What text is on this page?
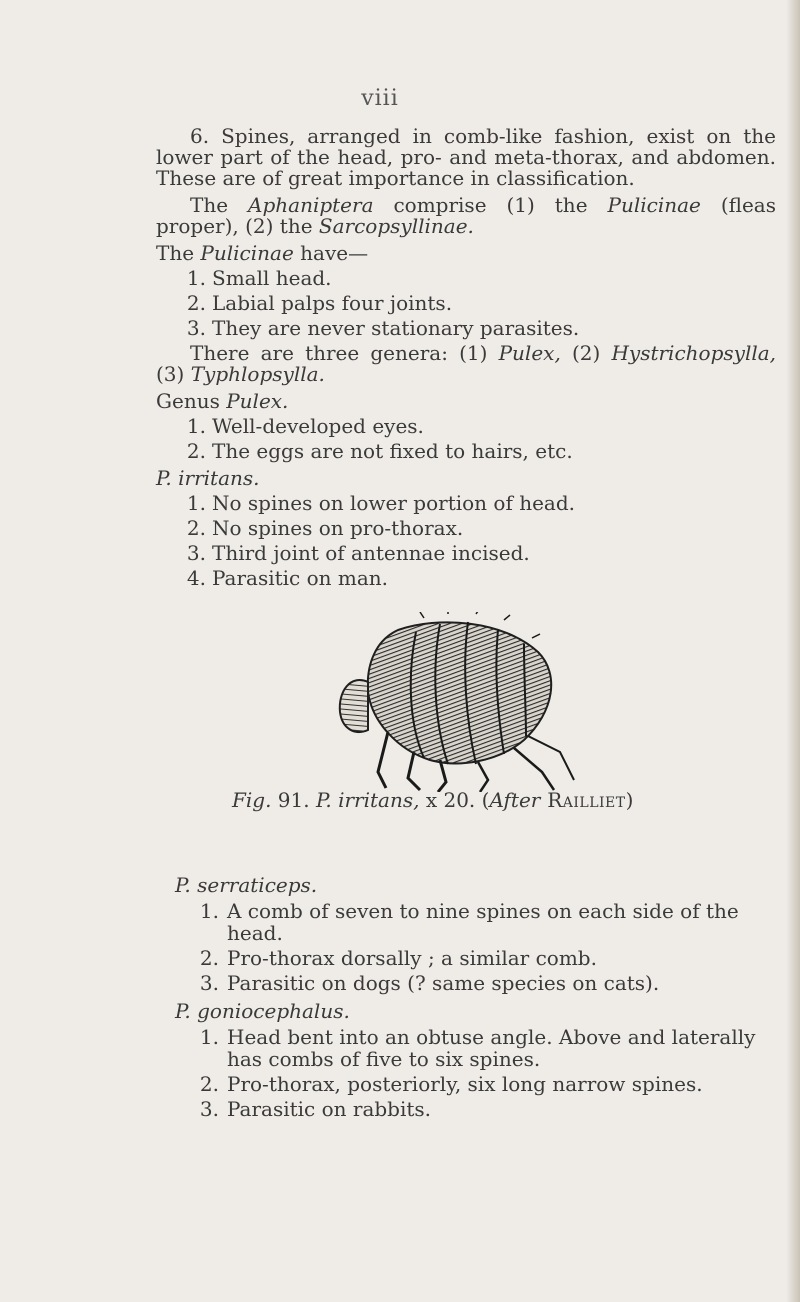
viii

6. Spines, arranged in comb-like fashion, exist on the lower part of the head, pro- and meta-thorax, and abdomen. These are of great importance in classification.

The Aphaniptera comprise (1) the Pulicinae (fleas proper), (2) the Sarcopsyllinae.

The Pulicinae have—

1. Small head.
2. Labial palps four joints.
3. They are never stationary parasites.

There are three genera: (1) Pulex, (2) Hystrichopsylla, (3) Typhlopsylla.

Genus Pulex.

1. Well-developed eyes.
2. The eggs are not fixed to hairs, etc.

P. irritans.

1. No spines on lower portion of head.
2. No spines on pro-thorax.
3. Third joint of antennae incised.
4. Parasitic on man.
Fig. 91. P. irritans, x 20. (After Railliet)

P. serraticeps.

1. A comb of seven to nine spines on each side of the head.
2. Pro-thorax dorsally ; a similar comb.
3. Parasitic on dogs (? same species on cats).

P. goniocephalus.

1. Head bent into an obtuse angle. Above and laterally has combs of five to six spines.
2. Pro-thorax, posteriorly, six long narrow spines.
3. Parasitic on rabbits.
